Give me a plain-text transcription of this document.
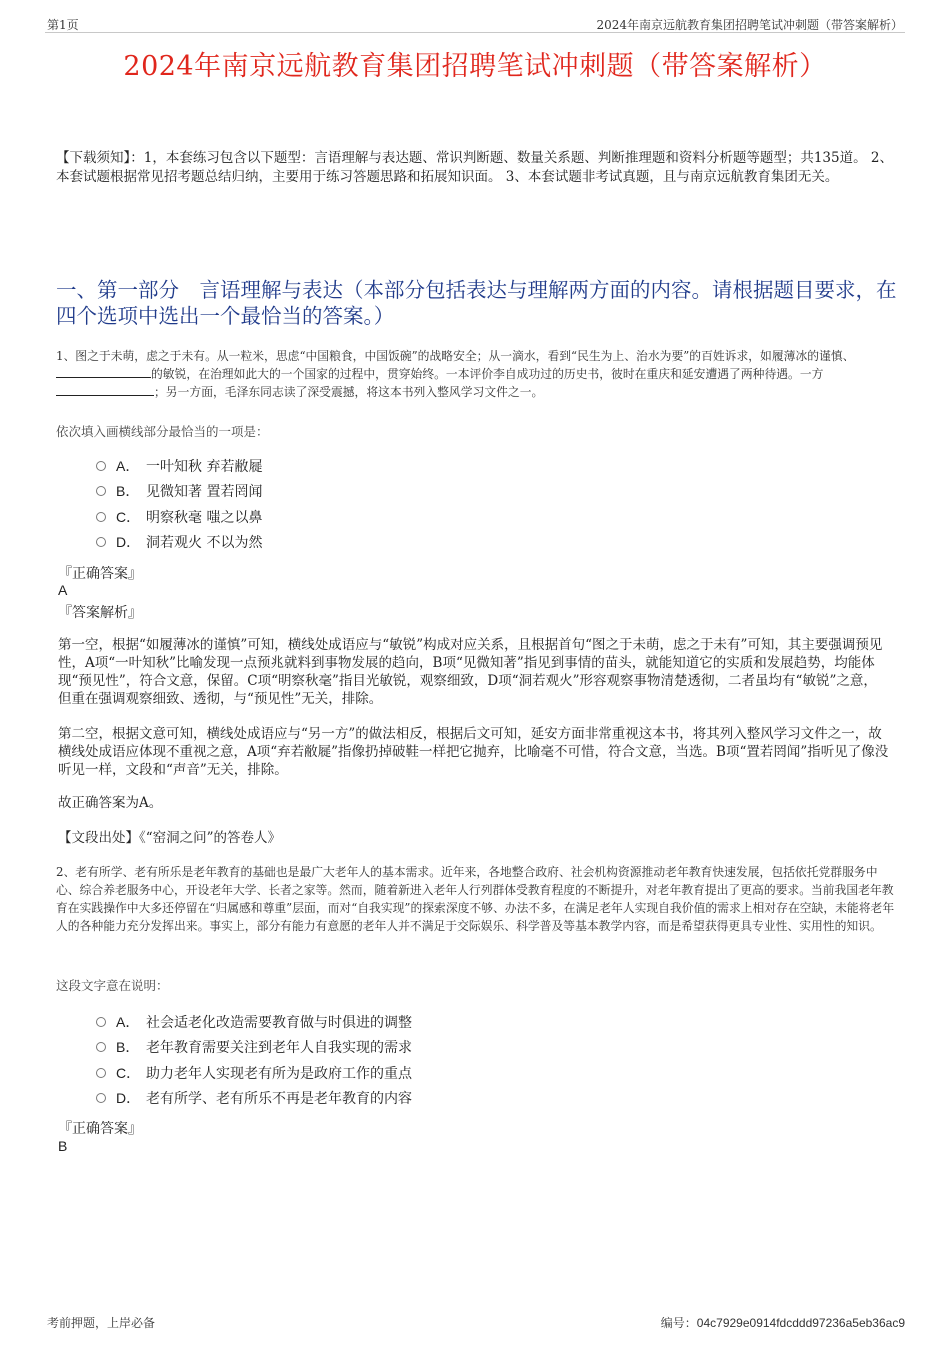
第1页	2024年南京远航教育集团招聘笔试冲刺题（带答案解析）
2024年南京远航教育集团招聘笔试冲刺题（带答案解析）
【下载须知】：1，本套练习包含以下题型：言语理解与表达题、常识判断题、数量关系题、判断推理题和资料分析题等题型；共135道。 2、本套试题根据常见招考题总结归纳，主要用于练习答题思路和拓展知识面。 3、本套试题非考试真题，且与南京远航教育集团无关。
一、第一部分　言语理解与表达（本部分包括表达与理解两方面的内容。请根据题目要求，在四个选项中选出一个最恰当的答案。）
1、图之于未萌，虑之于未有。从一粒米，思虑“中国粮食，中国饭碗”的战略安全；从一滴水，看到“民生为上、治水为要”的百姓诉求，如履薄冰的谨慎、的敏锐，在治理如此大的一个国家的过程中，贯穿始终。一本评价李自成功过的历史书，彼时在重庆和延安遭遇了两种待遇。一方；另一方面，毛泽东同志读了深受震撼，将这本书列入整风学习文件之一。
依次填入画横线部分最恰当的一项是：
A． 一叶知秋 弃若敝屣
B． 见微知著 置若罔闻
C． 明察秋毫 嗤之以鼻
D． 洞若观火 不以为然
『正确答案』
A
『答案解析』
第一空，根据“如履薄冰的谨慎”可知，横线处成语应与“敏锐”构成对应关系，且根据首句“图之于未萌，虑之于未有”可知，其主要强调预见性，A项“一叶知秋”比喻发现一点预兆就料到事物发展的趋向，B项“见微知著”指见到事情的苗头，就能知道它的实质和发展趋势，均能体现“预见性”，符合文意，保留。C项“明察秋毫”指目光敏锐，观察细致，D项“洞若观火”形容观察事物清楚透彻，二者虽均有“敏锐”之意，但重在强调观察细致、透彻，与“预见性”无关，排除。
第二空，根据文意可知，横线处成语应与“另一方”的做法相反，根据后文可知，延安方面非常重视这本书，将其列入整风学习文件之一，故横线处成语应体现不重视之意，A项“弃若敝屣”指像扔掉破鞋一样把它抛弃，比喻毫不可惜，符合文意，当选。B项“置若罔闻”指听见了像没听见一样，文段和“声音”无关，排除。
故正确答案为A。
【文段出处】《“窑洞之问”的答卷人》
2、老有所学、老有所乐是老年教育的基础也是最广大老年人的基本需求。近年来，各地整合政府、社会机构资源推动老年教育快速发展，包括依托党群服务中心、综合养老服务中心，开设老年大学、长者之家等。然而，随着新进入老年人行列群体受教育程度的不断提升，对老年教育提出了更高的要求。当前我国老年教育在实践操作中大多还停留在“归属感和尊重”层面，而对“自我实现”的探索深度不够、办法不多，在满足老年人实现自我价值的需求上相对存在空缺，未能将老年人的各种能力充分发挥出来。事实上，部分有能力有意愿的老年人并不满足于交际娱乐、科学普及等基本教学内容，而是希望获得更具专业性、实用性的知识。
这段文字意在说明：
A． 社会适老化改造需要教育做与时俱进的调整
B． 老年教育需要关注到老年人自我实现的需求
C． 助力老年人实现老有所为是政府工作的重点
D． 老有所学、老有所乐不再是老年教育的内容
『正确答案』
B
考前押题，上岸必备	编号：04c7929e0914fdcddd97236a5eb36ac9
